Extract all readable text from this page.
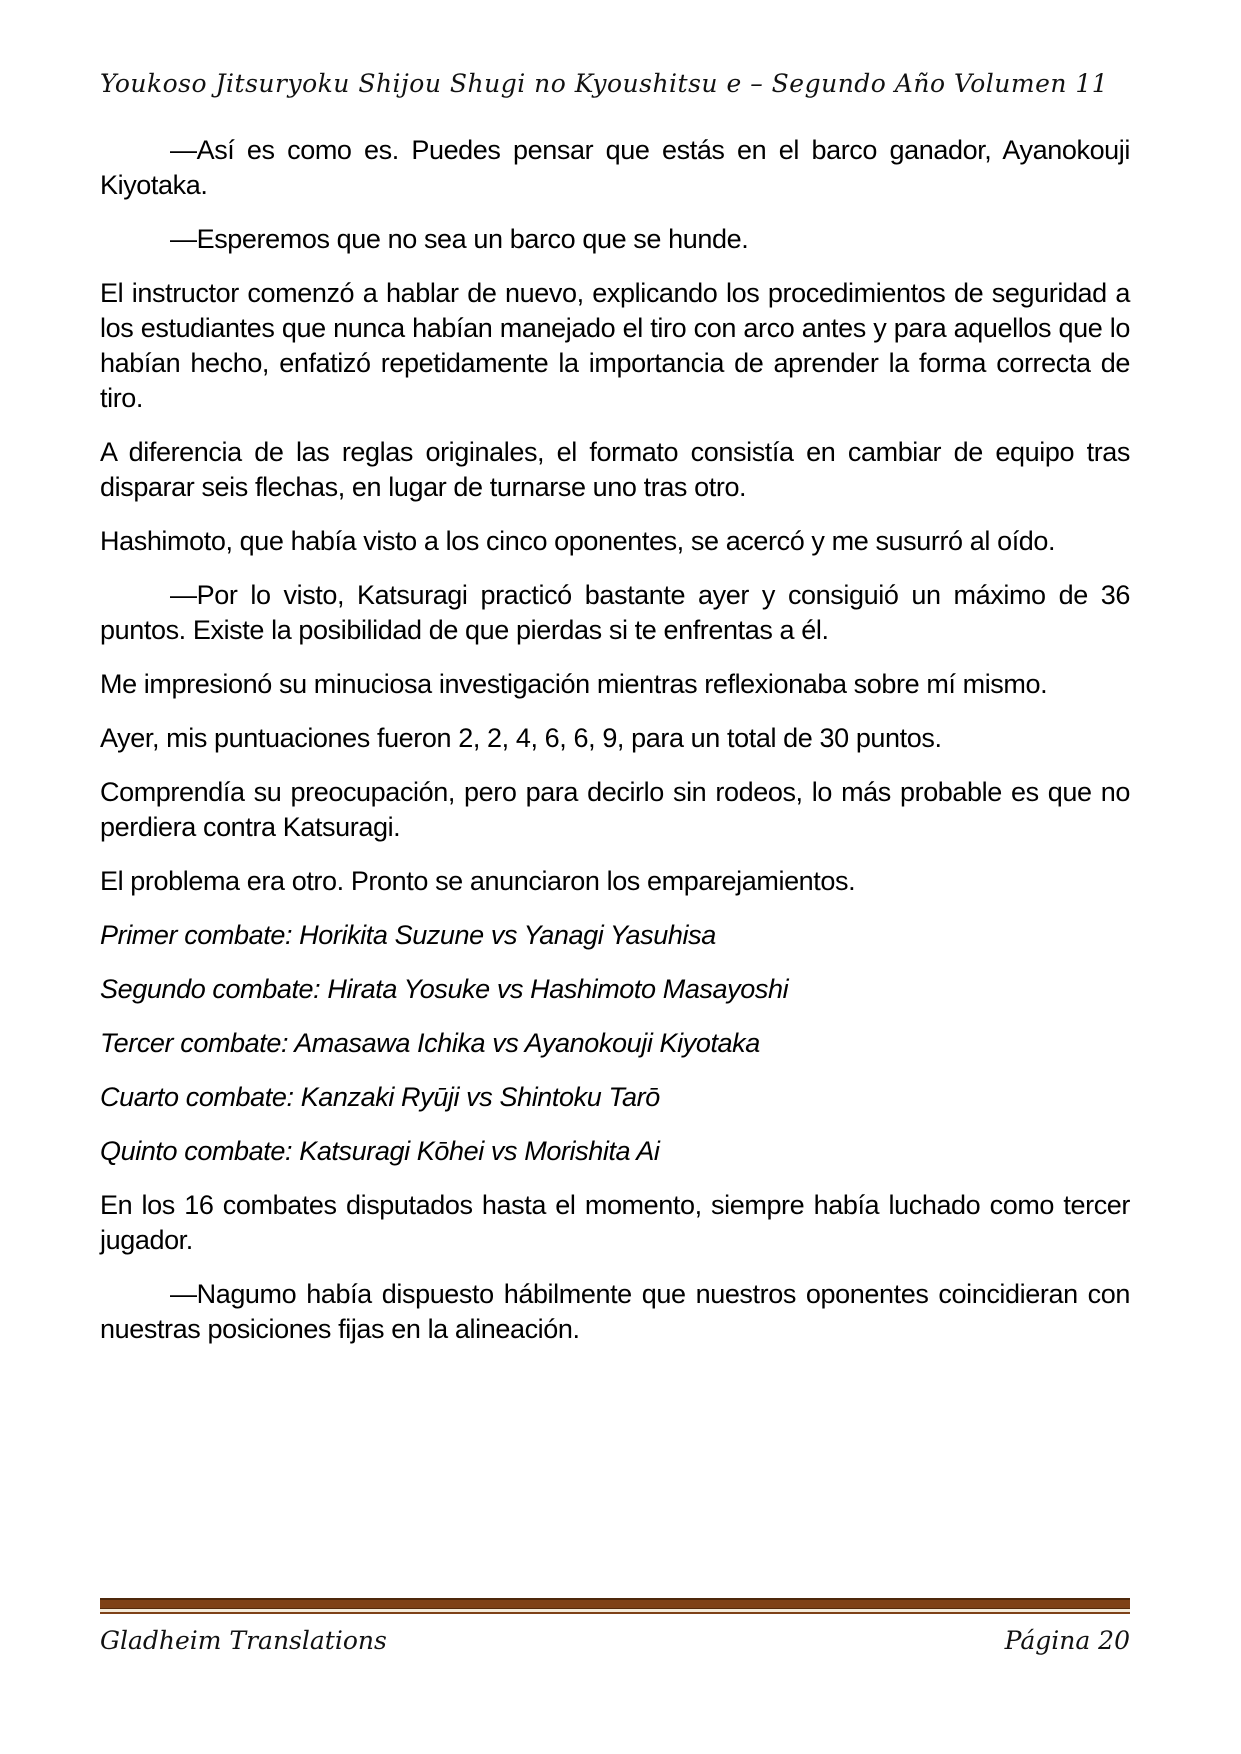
Youkoso Jitsuryoku Shijou Shugi no Kyoushitsu e – Segundo Año Volumen 11

—Así es como es. Puedes pensar que estás en el barco ganador, Ayanokouji Kiyotaka.

—Esperemos que no sea un barco que se hunde.

El instructor comenzó a hablar de nuevo, explicando los procedimientos de seguridad a los estudiantes que nunca habían manejado el tiro con arco antes y para aquellos que lo habían hecho, enfatizó repetidamente la importancia de aprender la forma correcta de tiro.

A diferencia de las reglas originales, el formato consistía en cambiar de equipo tras disparar seis flechas, en lugar de turnarse uno tras otro.

Hashimoto, que había visto a los cinco oponentes, se acercó y me susurró al oído.

—Por lo visto, Katsuragi practicó bastante ayer y consiguió un máximo de 36 puntos. Existe la posibilidad de que pierdas si te enfrentas a él.

Me impresionó su minuciosa investigación mientras reflexionaba sobre mí mismo.

Ayer, mis puntuaciones fueron 2, 2, 4, 6, 6, 9, para un total de 30 puntos.

Comprendía su preocupación, pero para decirlo sin rodeos, lo más probable es que no perdiera contra Katsuragi.

El problema era otro. Pronto se anunciaron los emparejamientos.

Primer combate: Horikita Suzune vs Yanagi Yasuhisa

Segundo combate: Hirata Yosuke vs Hashimoto Masayoshi

Tercer combate: Amasawa Ichika vs Ayanokouji Kiyotaka

Cuarto combate: Kanzaki Ryūji vs Shintoku Tarō

Quinto combate: Katsuragi Kōhei vs Morishita Ai

En los 16 combates disputados hasta el momento, siempre había luchado como tercer jugador.

—Nagumo había dispuesto hábilmente que nuestros oponentes coincidieran con nuestras posiciones fijas en la alineación.

Gladheim Translations	Página 20
